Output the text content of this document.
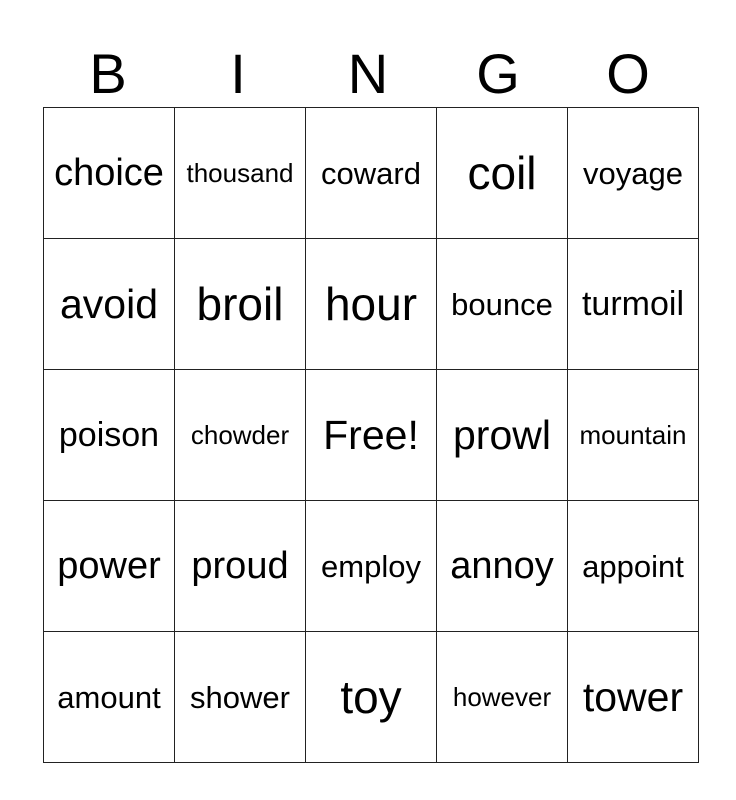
B	I	N	G	O
choice	thousand	coward	coil	voyage
avoid	broil	hour	bounce	turmoil
poison	chowder	Free!	prowl	mountain
power	proud	employ	annoy	appoint
amount	shower	toy	however	tower
